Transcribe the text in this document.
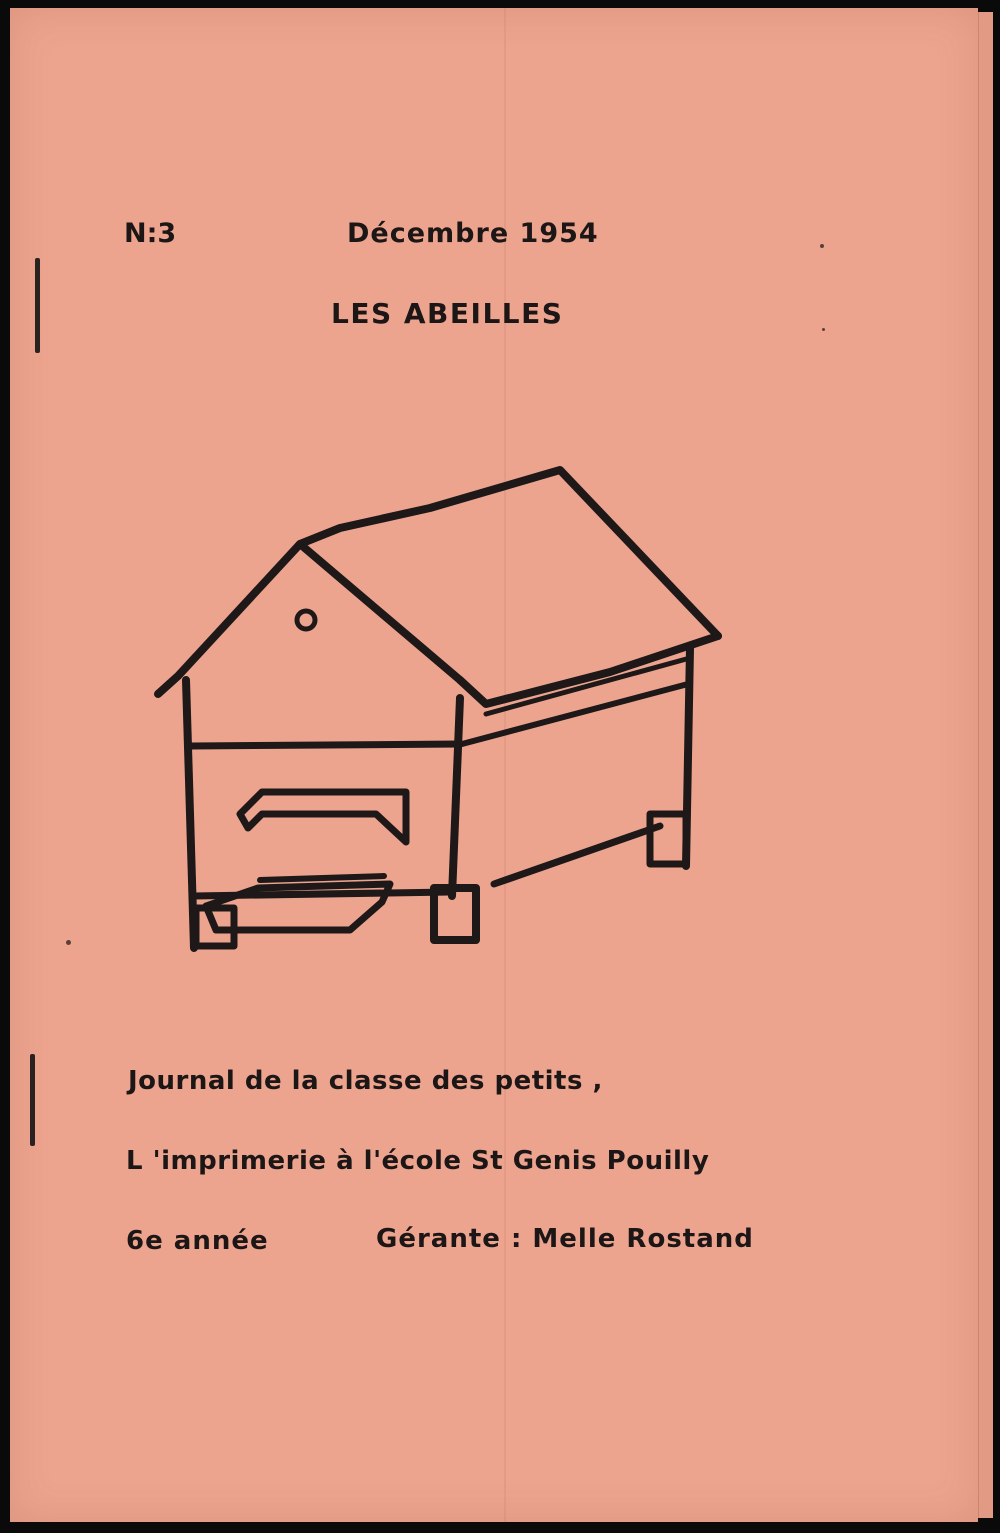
N:3	Décembre 1954
LES ABEILLES
Journal de la classe des petits ,
L 'imprimerie à l'école St Genis Pouilly
6e année	Gérante : Melle Rostand
